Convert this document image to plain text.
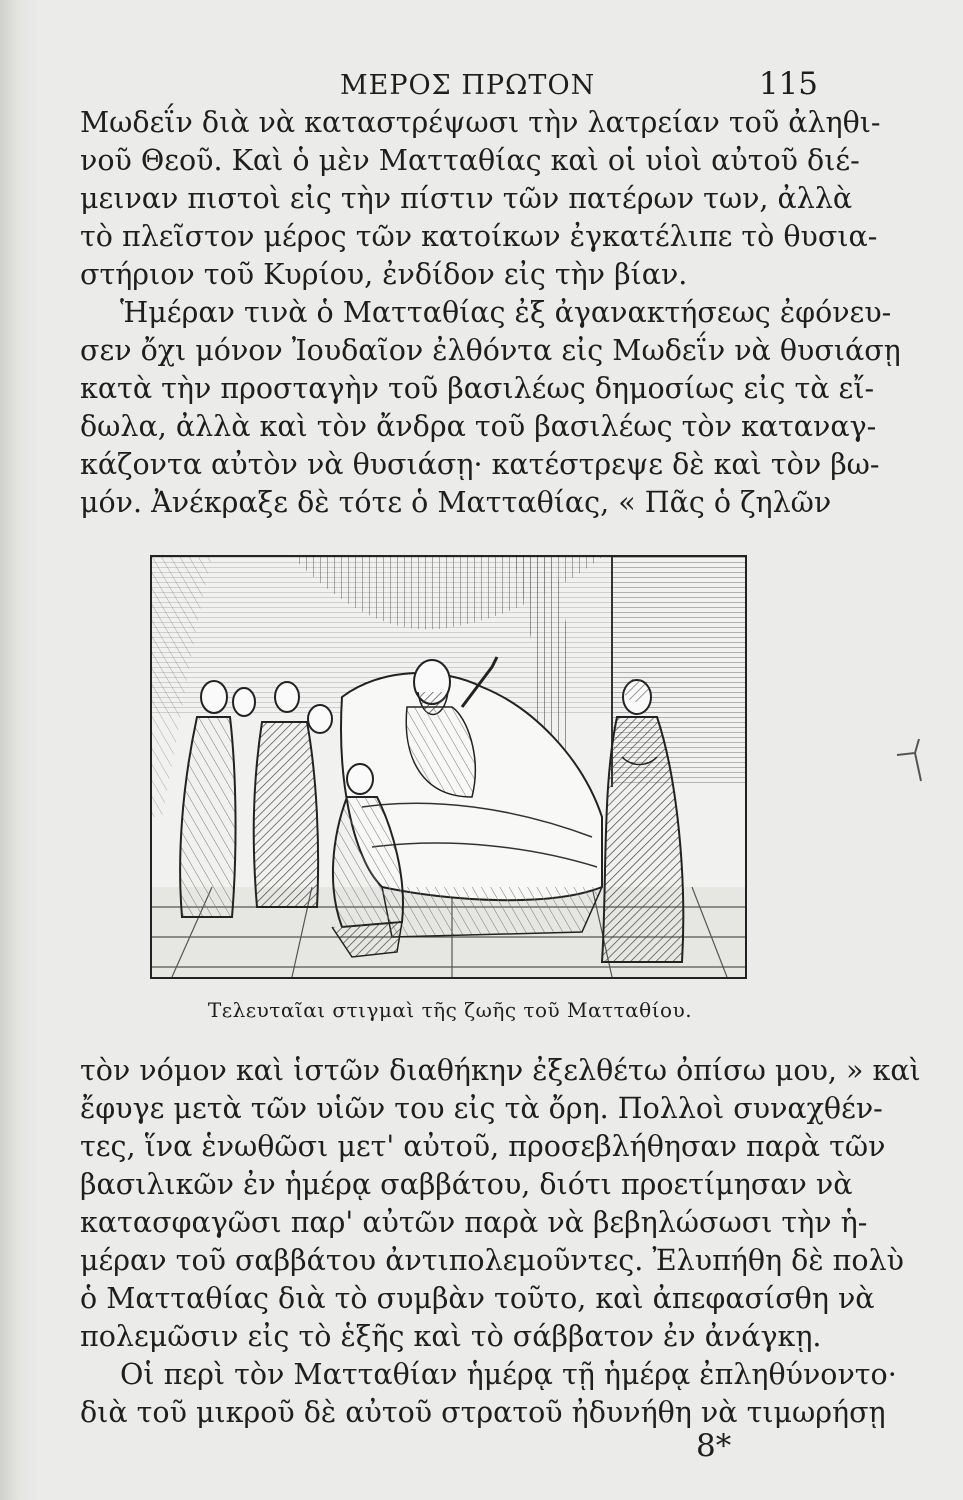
ΜΕΡΟΣ ΠΡΩΤΟΝ	115
Μωδεΐν διὰ νὰ καταστρέψωσι τὴν λατρείαν τοῦ ἀληθι-
νοῦ Θεοῦ. Καὶ ὁ μὲν Ματταθίας καὶ οἱ υἱοὶ αὐτοῦ διέ-
μειναν πιστοὶ εἰς τὴν πίστιν τῶν πατέρων των, ἀλλὰ
τὸ πλεῖστον μέρος τῶν κατοίκων ἐγκατέλιπε τὸ θυσια-
στήριον τοῦ Κυρίου, ἐνδίδον εἰς τὴν βίαν.
Ἡμέραν τινὰ ὁ Ματταθίας ἐξ ἀγανακτήσεως ἐφόνευ-
σεν ὄχι μόνον Ἰουδαῖον ἐλθόντα εἰς Μωδεΐν νὰ θυσιάσῃ
κατὰ τὴν προσταγὴν τοῦ βασιλέως δημοσίως εἰς τὰ εἴ-
δωλα, ἀλλὰ καὶ τὸν ἄνδρα τοῦ βασιλέως τὸν καταναγ-
κάζοντα αὐτὸν νὰ θυσιάσῃ· κατέστρεψε δὲ καὶ τὸν βω-
μόν. Ἀνέκραξε δὲ τότε ὁ Ματταθίας, « Πᾶς ὁ ζηλῶν
Τελευταῖαι στιγμαὶ τῆς ζωῆς τοῦ Ματταθίου.
τὸν νόμον καὶ ἱστῶν διαθήκην ἐξελθέτω ὀπίσω μου, » καὶ
ἔφυγε μετὰ τῶν υἱῶν του εἰς τὰ ὄρη. Πολλοὶ συναχθέν-
τες, ἵνα ἑνωθῶσι μετ' αὐτοῦ, προσεβλήθησαν παρὰ τῶν
βασιλικῶν ἐν ἡμέρᾳ σαββάτου, διότι προετίμησαν νὰ
κατασφαγῶσι παρ' αὐτῶν παρὰ νὰ βεβηλώσωσι τὴν ἡ-
μέραν τοῦ σαββάτου ἀντιπολεμοῦντες. Ἐλυπήθη δὲ πολὺ
ὁ Ματταθίας διὰ τὸ συμβὰν τοῦτο, καὶ ἀπεφασίσθη νὰ
πολεμῶσιν εἰς τὸ ἑξῆς καὶ τὸ σάββατον ἐν ἀνάγκῃ.
Οἱ περὶ τὸν Ματταθίαν ἡμέρᾳ τῇ ἡμέρᾳ ἐπληθύνοντο·
διὰ τοῦ μικροῦ δὲ αὐτοῦ στρατοῦ ἠδυνήθη νὰ τιμωρήσῃ
8*
